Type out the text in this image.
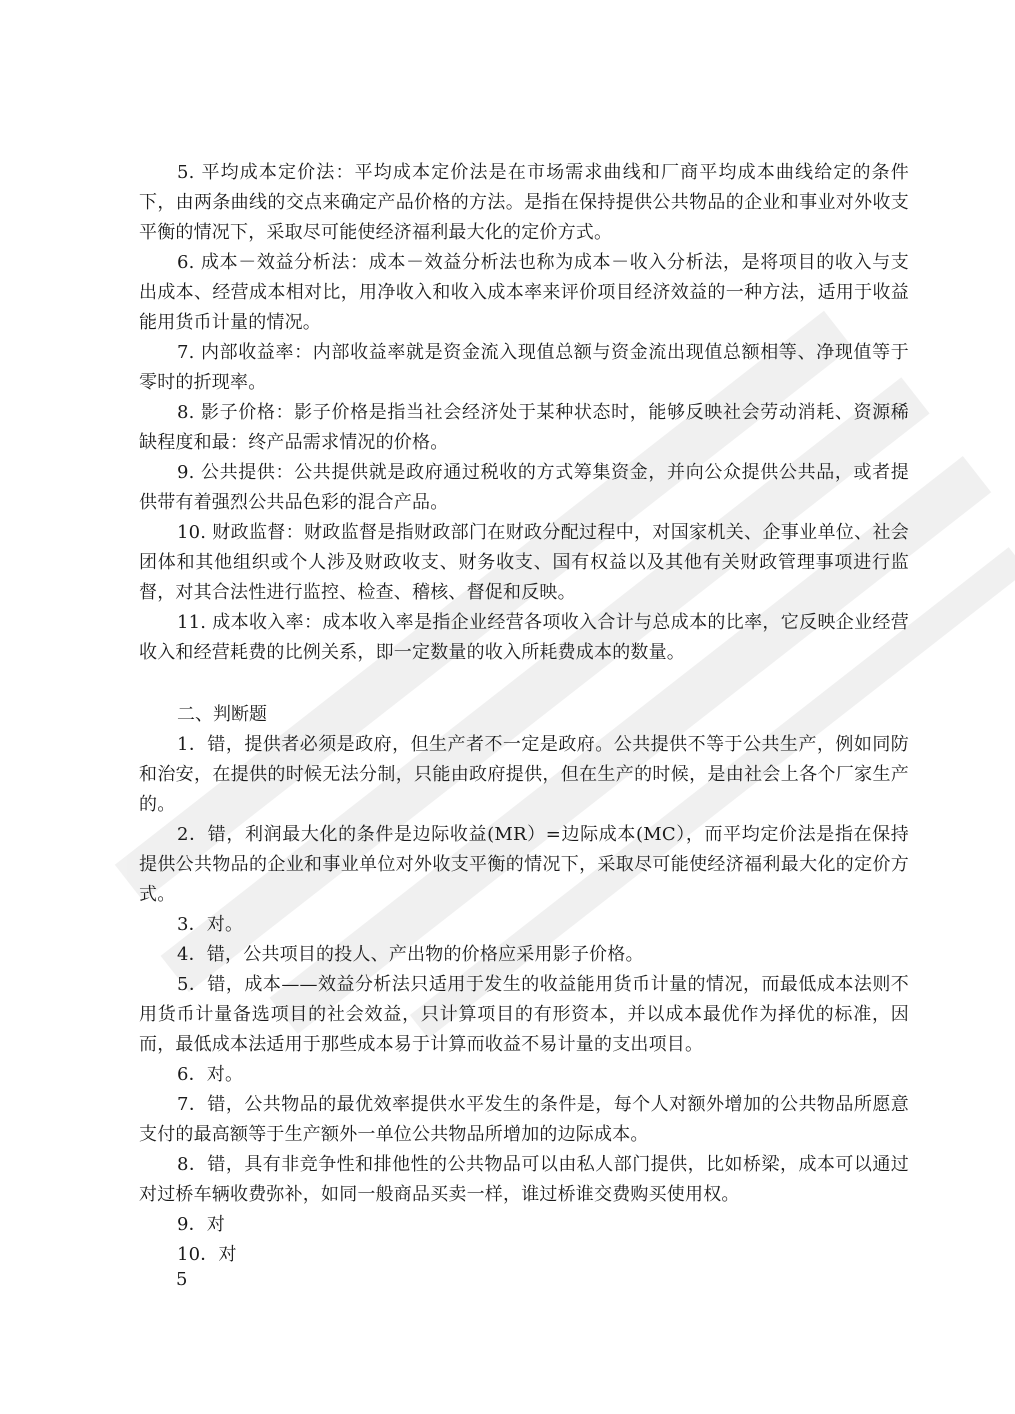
5. 平均成本定价法：平均成本定价法是在市场需求曲线和厂商平均成本曲线给定的条件下，由两条曲线的交点来确定产品价格的方法。是指在保持提供公共物品的企业和事业对外收支平衡的情况下，采取尽可能使经济福利最大化的定价方式。

6. 成本－效益分析法：成本－效益分析法也称为成本－收入分析法，是将项目的收入与支出成本、经营成本相对比，用净收入和收入成本率来评价项目经济效益的一种方法，适用于收益能用货币计量的情况。

7. 内部收益率：内部收益率就是资金流入现值总额与资金流出现值总额相等、净现值等于零时的折现率。

8. 影子价格：影子价格是指当社会经济处于某种状态时，能够反映社会劳动消耗、资源稀缺程度和最：终产品需求情况的价格。

9. 公共提供：公共提供就是政府通过税收的方式筹集资金，并向公众提供公共品，或者提供带有着强烈公共品色彩的混合产品。

10. 财政监督：财政监督是指财政部门在财政分配过程中，对国家机关、企事业单位、社会团体和其他组织或个人涉及财政收支、财务收支、国有权益以及其他有关财政管理事项进行监督，对其合法性进行监控、检查、稽核、督促和反映。

11. 成本收入率：成本收入率是指企业经营各项收入合计与总成本的比率，它反映企业经营收入和经营耗费的比例关系，即一定数量的收入所耗费成本的数量。

二、判断题

1．错，提供者必须是政府，但生产者不一定是政府。公共提供不等于公共生产，例如同防和治安，在提供的时候无法分制，只能由政府提供，但在生产的时候，是由社会上各个厂家生产的。

2．错，利润最大化的条件是边际收益(MR）=边际成本(MC），而平均定价法是指在保持提供公共物品的企业和事业单位对外收支平衡的情况下，采取尽可能使经济福利最大化的定价方式。

3．对。

4．错，公共项目的投人、产出物的价格应采用影子价格。

5．错，成本——效益分析法只适用于发生的收益能用货币计量的情况，而最低成本法则不用货币计量备选项目的社会效益，只计算项目的有形资本，并以成本最优作为择优的标准，因而，最低成本法适用于那些成本易于计算而收益不易计量的支出项目。

6．对。

7．错，公共物品的最优效率提供水平发生的条件是，每个人对额外增加的公共物品所愿意支付的最高额等于生产额外一单位公共物品所增加的边际成本。

8．错，具有非竞争性和排他性的公共物品可以由私人部门提供，比如桥梁，成本可以通过对过桥车辆收费弥补，如同一般商品买卖一样，谁过桥谁交费购买使用权。

9．对

10．对

5
